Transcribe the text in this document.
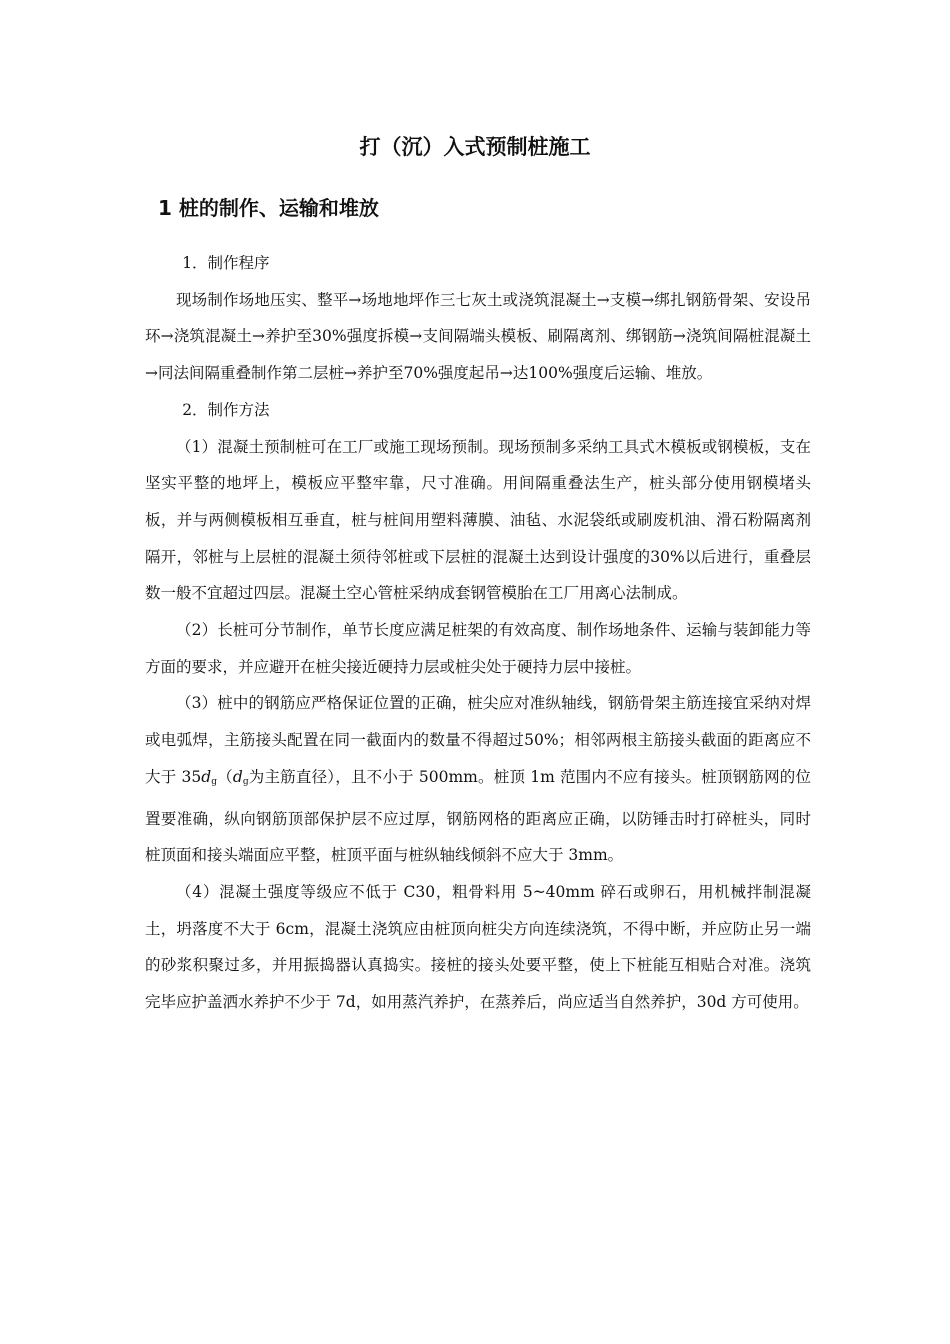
打（沉）入式预制桩施工
1 桩的制作、运输和堆放

1．制作程序

现场制作场地压实、整平→场地地坪作三七灰土或浇筑混凝土→支模→绑扎钢筋骨架、安设吊环→浇筑混凝土→养护至30%强度拆模→支间隔端头模板、刷隔离剂、绑钢筋→浇筑间隔桩混凝土→同法间隔重叠制作第二层桩→养护至70%强度起吊→达100%强度后运输、堆放。

2．制作方法

（1）混凝土预制桩可在工厂或施工现场预制。现场预制多采纳工具式木模板或钢模板，支在坚实平整的地坪上，模板应平整牢靠，尺寸准确。用间隔重叠法生产，桩头部分使用钢模堵头板，并与两侧模板相互垂直，桩与桩间用塑料薄膜、油毡、水泥袋纸或刷废机油、滑石粉隔离剂隔开，邻桩与上层桩的混凝土须待邻桩或下层桩的混凝土达到设计强度的30%以后进行，重叠层数一般不宜超过四层。混凝土空心管桩采纳成套钢管模胎在工厂用离心法制成。

（2）长桩可分节制作，单节长度应满足桩架的有效高度、制作场地条件、运输与装卸能力等方面的要求，并应避开在桩尖接近硬持力层或桩尖处于硬持力层中接桩。

（3）桩中的钢筋应严格保证位置的正确，桩尖应对准纵轴线，钢筋骨架主筋连接宜采纳对焊或电弧焊，主筋接头配置在同一截面内的数量不得超过50%；相邻两根主筋接头截面的距离应不大于 $35d_g(d_g$为主筋直径），且不小于 500mm。桩顶 1m 范围内不应有接头。桩顶钢筋网的位置要准确，纵向钢筋顶部保护层不应过厚，钢筋网格的距离应正确，以防锤击时打碎桩头，同时桩顶面和接头端面应平整，桩顶平面与桩纵轴线倾斜不应大于 3mm。

（4）混凝土强度等级应不低于 C30，粗骨料用 5~40mm 碎石或卵石，用机械拌制混凝土，坍落度不大于 6cm，混凝土浇筑应由桩顶向桩尖方向连续浇筑，不得中断，并应防止另一端的砂浆积聚过多，并用振捣器认真捣实。接桩的接头处要平整，使上下桩能互相贴合对准。浇筑完毕应护盖洒水养护不少于 7d，如用蒸汽养护，在蒸养后，尚应适当自然养护，30d 方可使用。
